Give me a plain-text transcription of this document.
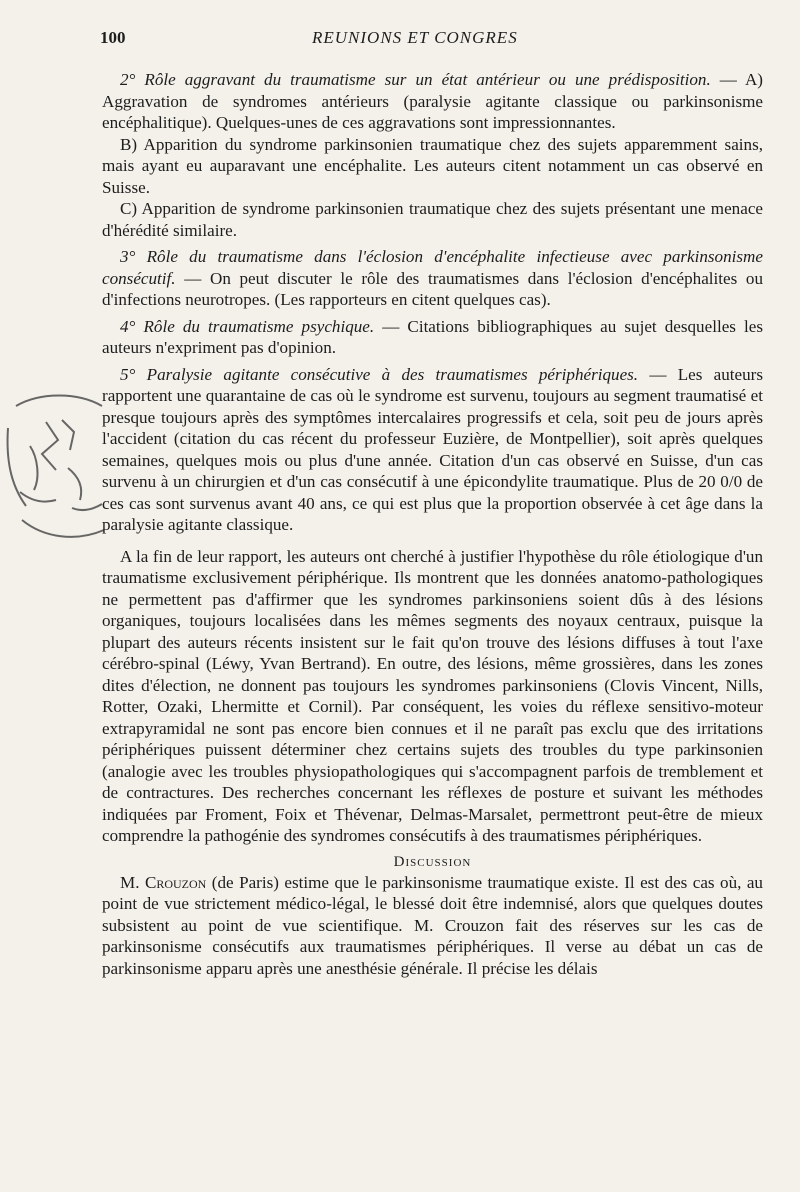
100	REUNIONS ET CONGRES

2° Rôle aggravant du traumatisme sur un état antérieur ou une prédisposition. — A) Aggravation de syndromes antérieurs (paralysie agitante classique ou parkinsonisme encéphalitique). Quelques-unes de ces aggravations sont impressionnantes.

B) Apparition du syndrome parkinsonien traumatique chez des sujets apparemment sains, mais ayant eu auparavant une encéphalite. Les auteurs citent notamment un cas observé en Suisse.

C) Apparition de syndrome parkinsonien traumatique chez des sujets présentant une menace d'hérédité similaire.

3° Rôle du traumatisme dans l'éclosion d'encéphalite infectieuse avec parkinsonisme consécutif. — On peut discuter le rôle des traumatismes dans l'éclosion d'encéphalites ou d'infections neurotropes. (Les rapporteurs en citent quelques cas).

4° Rôle du traumatisme psychique. — Citations bibliographiques au sujet desquelles les auteurs n'expriment pas d'opinion.

5° Paralysie agitante consécutive à des traumatismes périphériques. — Les auteurs rapportent une quarantaine de cas où le syndrome est survenu, toujours au segment traumatisé et presque toujours après des symptômes intercalaires progressifs et cela, soit peu de jours après l'accident (citation du cas récent du professeur Euzière, de Montpellier), soit après quelques semaines, quelques mois ou plus d'une année. Citation d'un cas observé en Suisse, d'un cas survenu à un chirurgien et d'un cas consécutif à une épicondylite traumatique. Plus de 20 0/0 de ces cas sont survenus avant 40 ans, ce qui est plus que la proportion observée à cet âge dans la paralysie agitante classique.

A la fin de leur rapport, les auteurs ont cherché à justifier l'hypothèse du rôle étiologique d'un traumatisme exclusivement périphérique. Ils montrent que les données anatomo-pathologiques ne permettent pas d'affirmer que les syndromes parkinsoniens soient dûs à des lésions organiques, toujours localisées dans les mêmes segments des noyaux centraux, puisque la plupart des auteurs récents insistent sur le fait qu'on trouve des lésions diffuses à tout l'axe cérébro-spinal (Léwy, Yvan Bertrand). En outre, des lésions, même grossières, dans les zones dites d'élection, ne donnent pas toujours les syndromes parkinsoniens (Clovis Vincent, Nills, Rotter, Ozaki, Lhermitte et Cornil). Par conséquent, les voies du réflexe sensitivo-moteur extrapyramidal ne sont pas encore bien connues et il ne paraît pas exclu que des irritations périphériques puissent déterminer chez certains sujets des troubles du type parkinsonien (analogie avec les troubles physiopathologiques qui s'accompagnent parfois de tremblement et de contractures. Des recherches concernant les réflexes de posture et suivant les méthodes indiquées par Froment, Foix et Thévenar, Delmas-Marsalet, permettront peut-être de mieux comprendre la pathogénie des syndromes consécutifs à des traumatismes périphériques.

Discussion

M. Crouzon (de Paris) estime que le parkinsonisme traumatique existe. Il est des cas où, au point de vue strictement médico-légal, le blessé doit être indemnisé, alors que quelques doutes subsistent au point de vue scientifique. M. Crouzon fait des réserves sur les cas de parkinsonisme consécutifs aux traumatismes périphériques. Il verse au débat un cas de parkinsonisme apparu après une anesthésie générale. Il précise les délais
